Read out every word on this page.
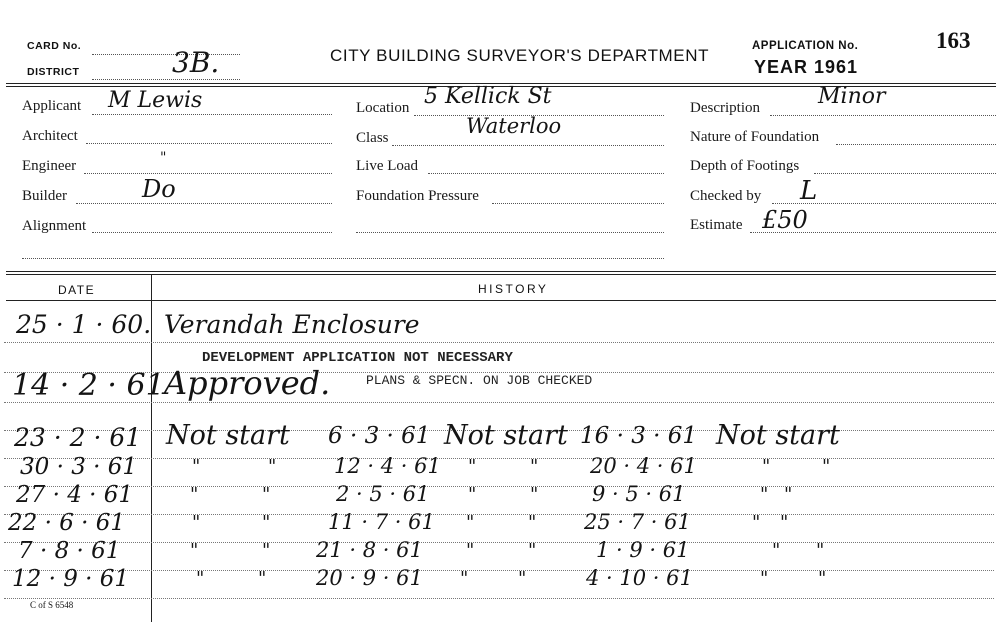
CARD No.
DISTRICT	3B.	CITY BUILDING SURVEYOR'S DEPARTMENT	APPLICATION No.	163
YEAR 1961
Applicant M Lewis
Architect
Engineer	"
Builder	Do
Alignment
Location 5 Kellick St
Class	Waterloo
Live Load
Foundation Pressure
Description	Minor
Nature of Foundation
Depth of Footings
Checked by L
Estimate £50
DATE	HISTORY
25 · 1 · 60. Verandah Enclosure
DEVELOPMENT APPLICATION NOT NECESSARY
14 · 2 · 61 Approved.	PLANS & SPECN. ON JOB CHECKED
23 · 2 · 61 Not start 6 · 3 · 61 Not start 16 · 3 · 61 Not start
30 · 3 · 61	"	"	12 · 4 · 61 "	" 20 · 4 · 61	"	"
27 · 4 · 61	"	"	2 · 5 · 61 "	"	9 · 5 · 61	" "
22 · 6 · 61	"	"	11 · 7 · 61 "	" 25 · 7 · 61	" "
7 · 8 · 61	"	" 21 · 8 · 61 "	"	1 · 9 · 61	" "
12 · 9 · 61	"	" 20 · 9 · 61 "	"	4 · 10 · 61	"	"
C of S 6548
